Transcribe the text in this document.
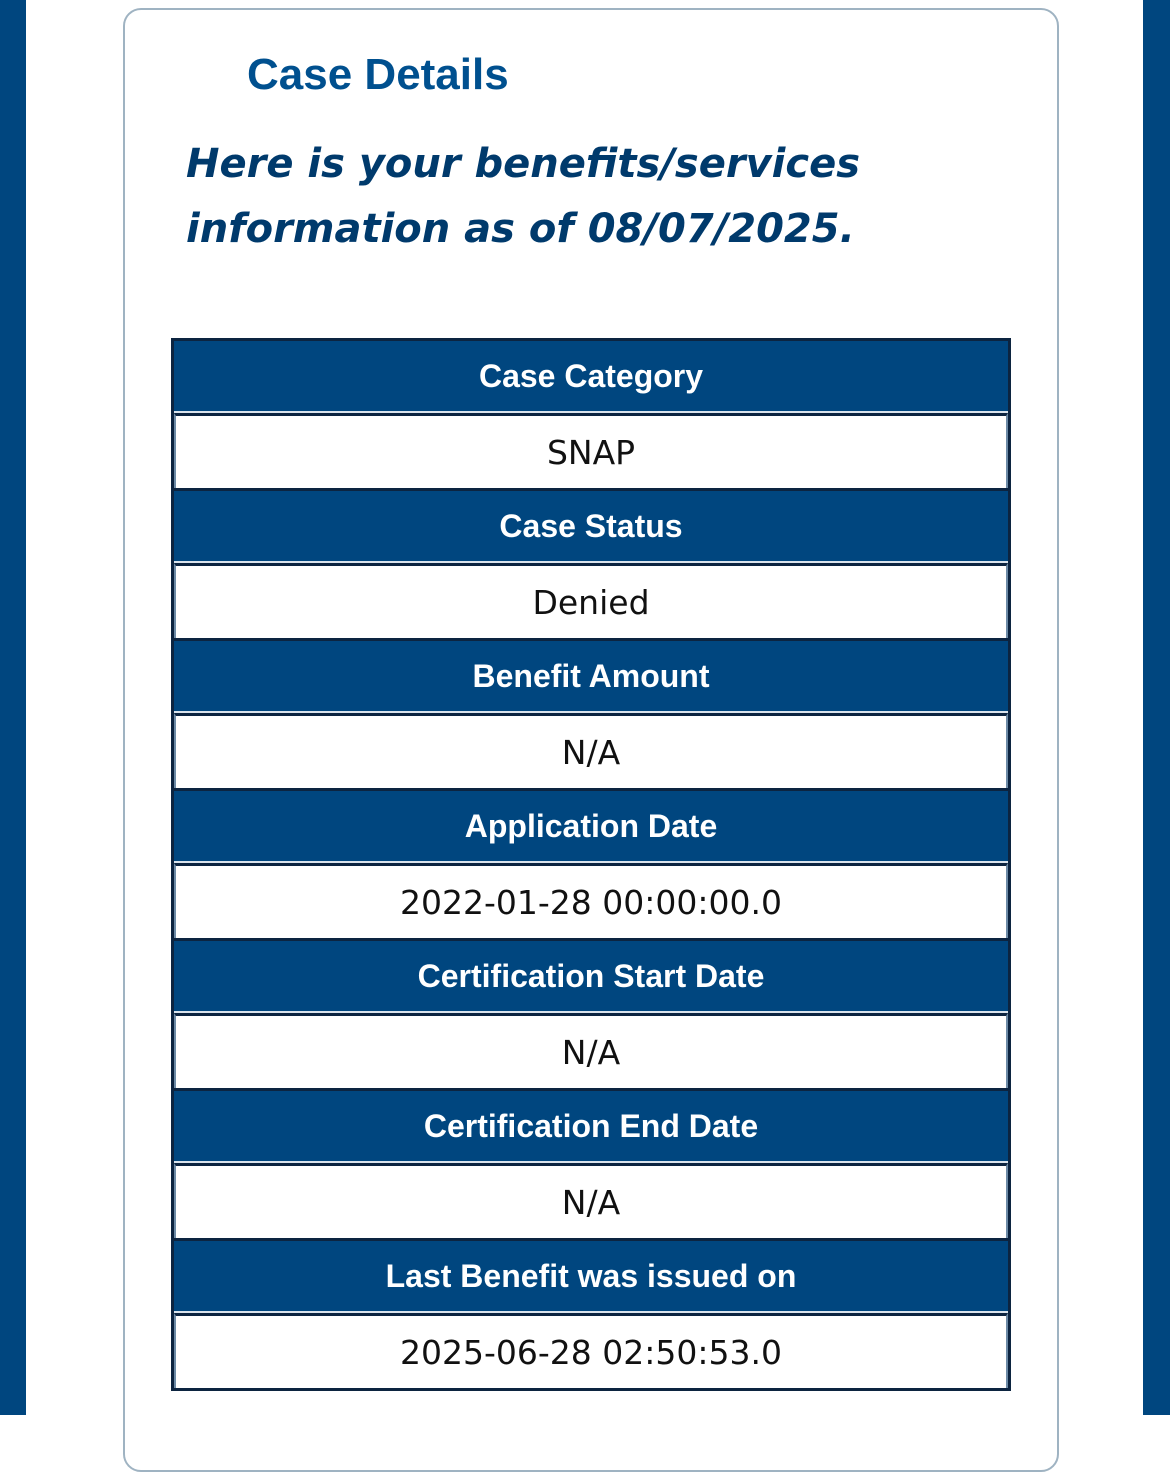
Case Details

Here is your benefits/services information as of 08/07/2025.

Case Category
SNAP
Case Status
Denied
Benefit Amount
N/A
Application Date
2022-01-28 00:00:00.0
Certification Start Date
N/A
Certification End Date
N/A
Last Benefit was issued on
2025-06-28 02:50:53.0
